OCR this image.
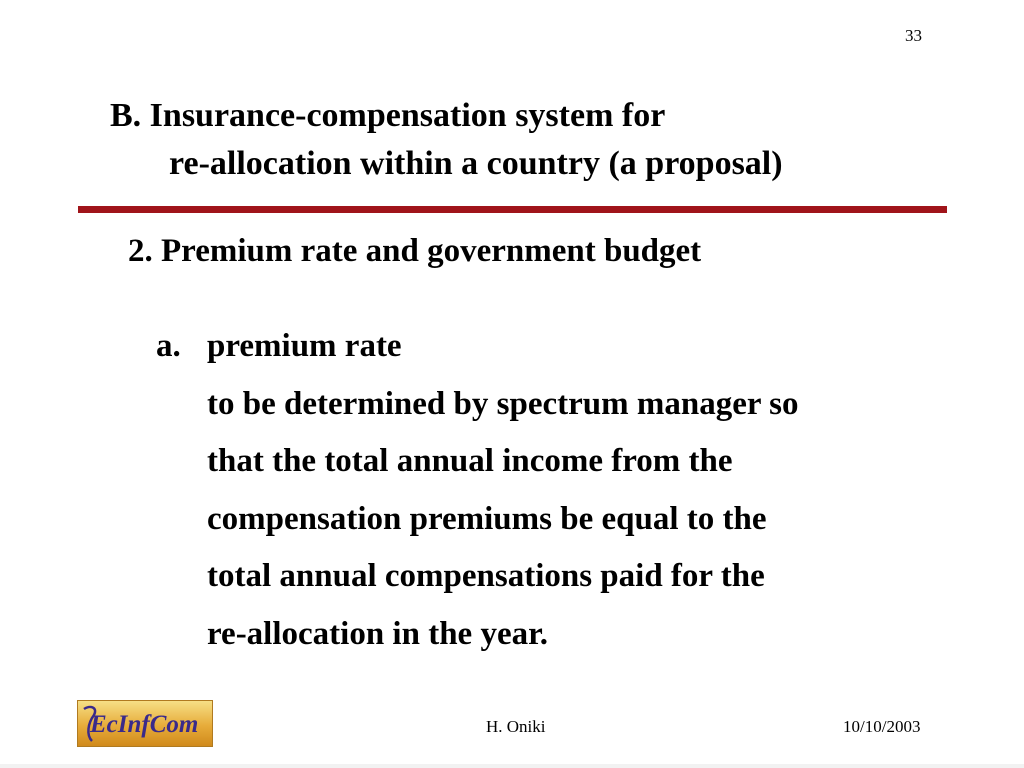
33
B. Insurance-compensation system for
re-allocation within a country (a proposal)
2. Premium rate and government budget
a. premium rate
to be determined by spectrum manager so
that the total annual income from the
compensation premiums be equal to the
total annual compensations paid for the
re-allocation in the year.
EcInfCom	H. Oniki	10/10/2003
